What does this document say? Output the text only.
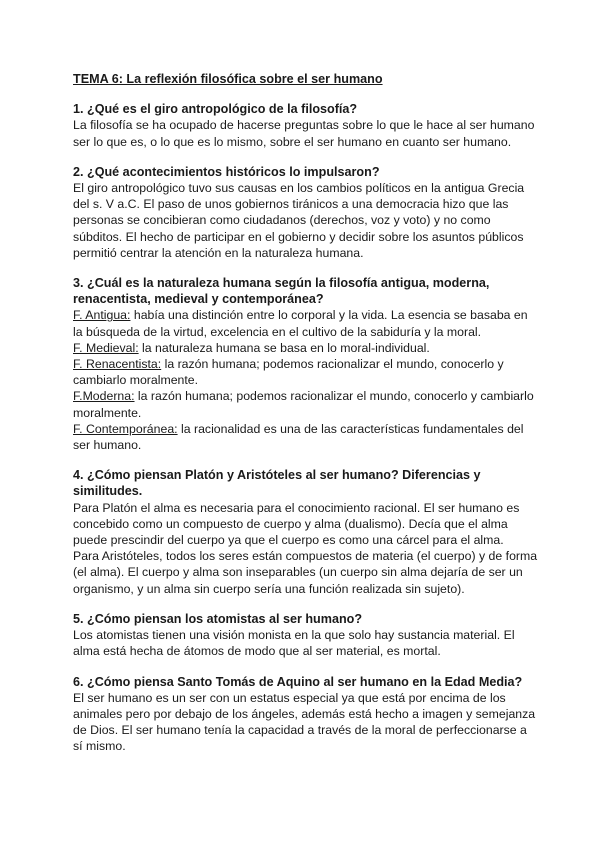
TEMA 6: La reflexión filosófica sobre el ser humano
1. ¿Qué es el giro antropológico de la filosofía?
La filosofía se ha ocupado de hacerse preguntas sobre lo que le hace al ser humano ser lo que es, o lo que es lo mismo, sobre el ser humano en cuanto ser humano.
2. ¿Qué acontecimientos históricos lo impulsaron?
El giro antropológico tuvo sus causas en los cambios políticos en la antigua Grecia del s. V a.C. El paso de unos gobiernos tiránicos a una democracia hizo que las personas se concibieran como ciudadanos (derechos, voz y voto) y no como súbditos. El hecho de participar en el gobierno y decidir sobre los asuntos públicos permitió centrar la atención en la naturaleza humana.
3. ¿Cuál es la naturaleza humana según la filosofía antigua, moderna, renacentista, medieval y contemporánea?
F. Antigua: había una distinción entre lo corporal y la vida. La esencia se basaba en la búsqueda de la virtud, excelencia en el cultivo de la sabiduría y la moral.
F. Medieval: la naturaleza humana se basa en lo moral-individual.
F. Renacentista: la razón humana; podemos racionalizar el mundo, conocerlo y cambiarlo moralmente.
F.Moderna: la razón humana; podemos racionalizar el mundo, conocerlo y cambiarlo moralmente.
F. Contemporánea: la racionalidad es una de las características fundamentales del ser humano.
4. ¿Cómo piensan Platón y Aristóteles al ser humano? Diferencias y similitudes.
Para Platón el alma es necesaria para el conocimiento racional. El ser humano es concebido como un compuesto de cuerpo y alma (dualismo). Decía que el alma puede prescindir del cuerpo ya que el cuerpo es como una cárcel para el alma.
Para Aristóteles, todos los seres están compuestos de materia (el cuerpo) y de forma (el alma). El cuerpo y alma son inseparables (un cuerpo sin alma dejaría de ser un organismo, y un alma sin cuerpo sería una función realizada sin sujeto).
5. ¿Cómo piensan los atomistas al ser humano?
Los atomistas tienen una visión monista en la que solo hay sustancia material. El alma está hecha de átomos de modo que al ser material, es mortal.
6. ¿Cómo piensa Santo Tomás de Aquino al ser humano en la Edad Media?
El ser humano es un ser con un estatus especial ya que está por encima de los animales pero por debajo de los ángeles, además está hecho a imagen y semejanza de Dios. El ser humano tenía la capacidad a través de la moral de perfeccionarse a sí mismo.
